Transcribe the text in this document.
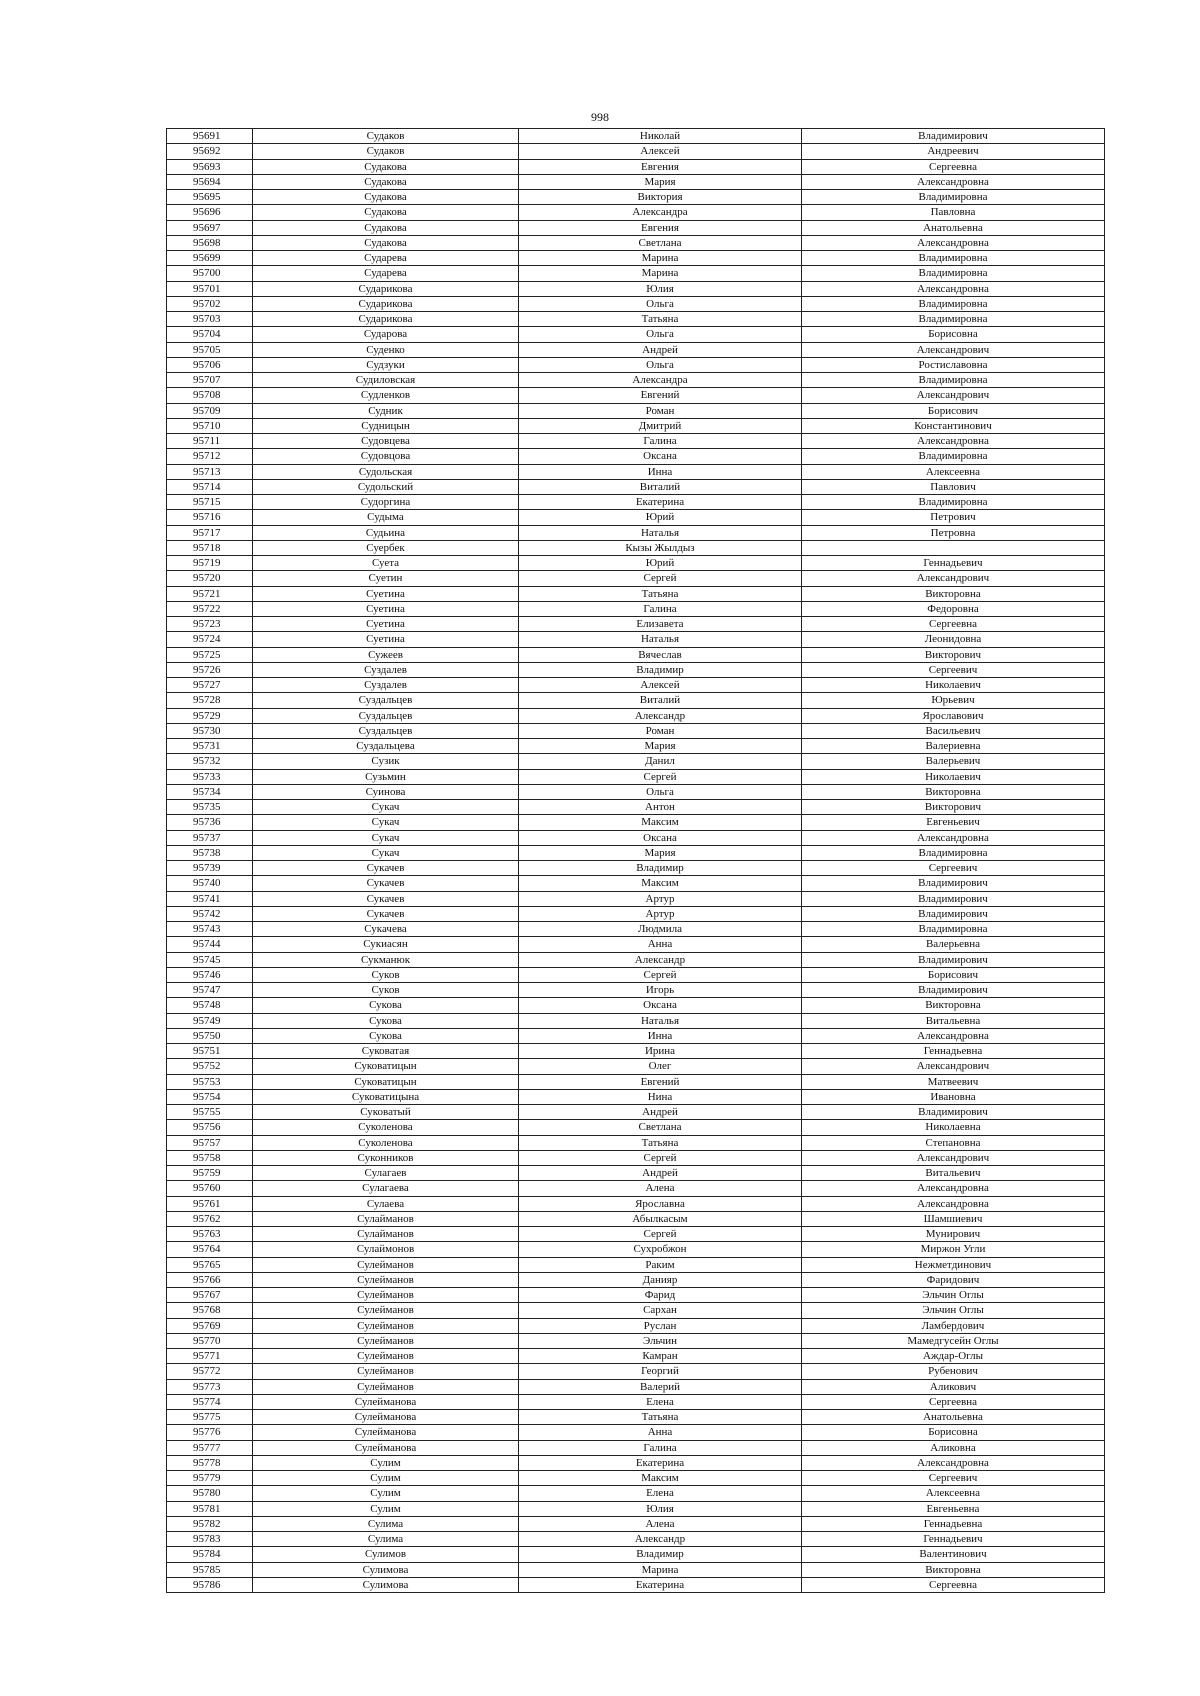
998
95691	Судаков	Николай	Владимирович
95692	Судаков	Алексей	Андреевич
95693	Судакова	Евгения	Сергеевна
95694	Судакова	Мария	Александровна
95695	Судакова	Виктория	Владимировна
95696	Судакова	Александра	Павловна
95697	Судакова	Евгения	Анатольевна
95698	Судакова	Светлана	Александровна
95699	Сударева	Марина	Владимировна
95700	Сударева	Марина	Владимировна
95701	Сударикова	Юлия	Александровна
95702	Сударикова	Ольга	Владимировна
95703	Сударикова	Татьяна	Владимировна
95704	Сударова	Ольга	Борисовна
95705	Суденко	Андрей	Александрович
95706	Судзуки	Ольга	Ростиславовна
95707	Судиловская	Александра	Владимировна
95708	Судленков	Евгений	Александрович
95709	Судник	Роман	Борисович
95710	Судницын	Дмитрий	Константинович
95711	Судовцева	Галина	Александровна
95712	Судовцова	Оксана	Владимировна
95713	Судольская	Инна	Алексеевна
95714	Судольский	Виталий	Павлович
95715	Судоргина	Екатерина	Владимировна
95716	Судыма	Юрий	Петрович
95717	Судьина	Наталья	Петровна
95718	Суербек	Кызы Жылдыз	
95719	Суета	Юрий	Геннадьевич
95720	Суетин	Сергей	Александрович
95721	Суетина	Татьяна	Викторовна
95722	Суетина	Галина	Федоровна
95723	Суетина	Елизавета	Сергеевна
95724	Суетина	Наталья	Леонидовна
95725	Сужеев	Вячеслав	Викторович
95726	Суздалев	Владимир	Сергеевич
95727	Суздалев	Алексей	Николаевич
95728	Суздальцев	Виталий	Юрьевич
95729	Суздальцев	Александр	Ярославович
95730	Суздальцев	Роман	Васильевич
95731	Суздальцева	Мария	Валериевна
95732	Сузик	Данил	Валерьевич
95733	Сузьмин	Сергей	Николаевич
95734	Суинова	Ольга	Викторовна
95735	Сукач	Антон	Викторович
95736	Сукач	Максим	Евгеньевич
95737	Сукач	Оксана	Александровна
95738	Сукач	Мария	Владимировна
95739	Сукачев	Владимир	Сергеевич
95740	Сукачев	Максим	Владимирович
95741	Сукачев	Артур	Владимирович
95742	Сукачев	Артур	Владимирович
95743	Сукачева	Людмила	Владимировна
95744	Сукиасян	Анна	Валерьевна
95745	Сукманюк	Александр	Владимирович
95746	Суков	Сергей	Борисович
95747	Суков	Игорь	Владимирович
95748	Сукова	Оксана	Викторовна
95749	Сукова	Наталья	Витальевна
95750	Сукова	Инна	Александровна
95751	Суковатая	Ирина	Геннадьевна
95752	Суковатицын	Олег	Александрович
95753	Суковатицын	Евгений	Матвеевич
95754	Суковатицына	Нина	Ивановна
95755	Суковатый	Андрей	Владимирович
95756	Суколенова	Светлана	Николаевна
95757	Суколенова	Татьяна	Степановна
95758	Суконников	Сергей	Александрович
95759	Сулагаев	Андрей	Витальевич
95760	Сулагаева	Алена	Александровна
95761	Сулаева	Ярославна	Александровна
95762	Сулайманов	Абылкасым	Шамшиевич
95763	Сулайманов	Сергей	Мунирович
95764	Сулаймонов	Сухробжон	Миржон Угли
95765	Сулейманов	Раким	Нежметдинович
95766	Сулейманов	Данияр	Фаридович
95767	Сулейманов	Фарид	Эльчин Оглы
95768	Сулейманов	Сархан	Эльчин Оглы
95769	Сулейманов	Руслан	Ламбердович
95770	Сулейманов	Эльчин	Мамедгусейн Оглы
95771	Сулейманов	Камран	Аждар-Оглы
95772	Сулейманов	Георгий	Рубенович
95773	Сулейманов	Валерий	Аликович
95774	Сулейманова	Елена	Сергеевна
95775	Сулейманова	Татьяна	Анатольевна
95776	Сулейманова	Анна	Борисовна
95777	Сулейманова	Галина	Аликовна
95778	Сулим	Екатерина	Александровна
95779	Сулим	Максим	Сергеевич
95780	Сулим	Елена	Алексеевна
95781	Сулим	Юлия	Евгеньевна
95782	Сулима	Алена	Геннадьевна
95783	Сулима	Александр	Геннадьевич
95784	Сулимов	Владимир	Валентинович
95785	Сулимова	Марина	Викторовна
95786	Сулимова	Екатерина	Сергеевна
